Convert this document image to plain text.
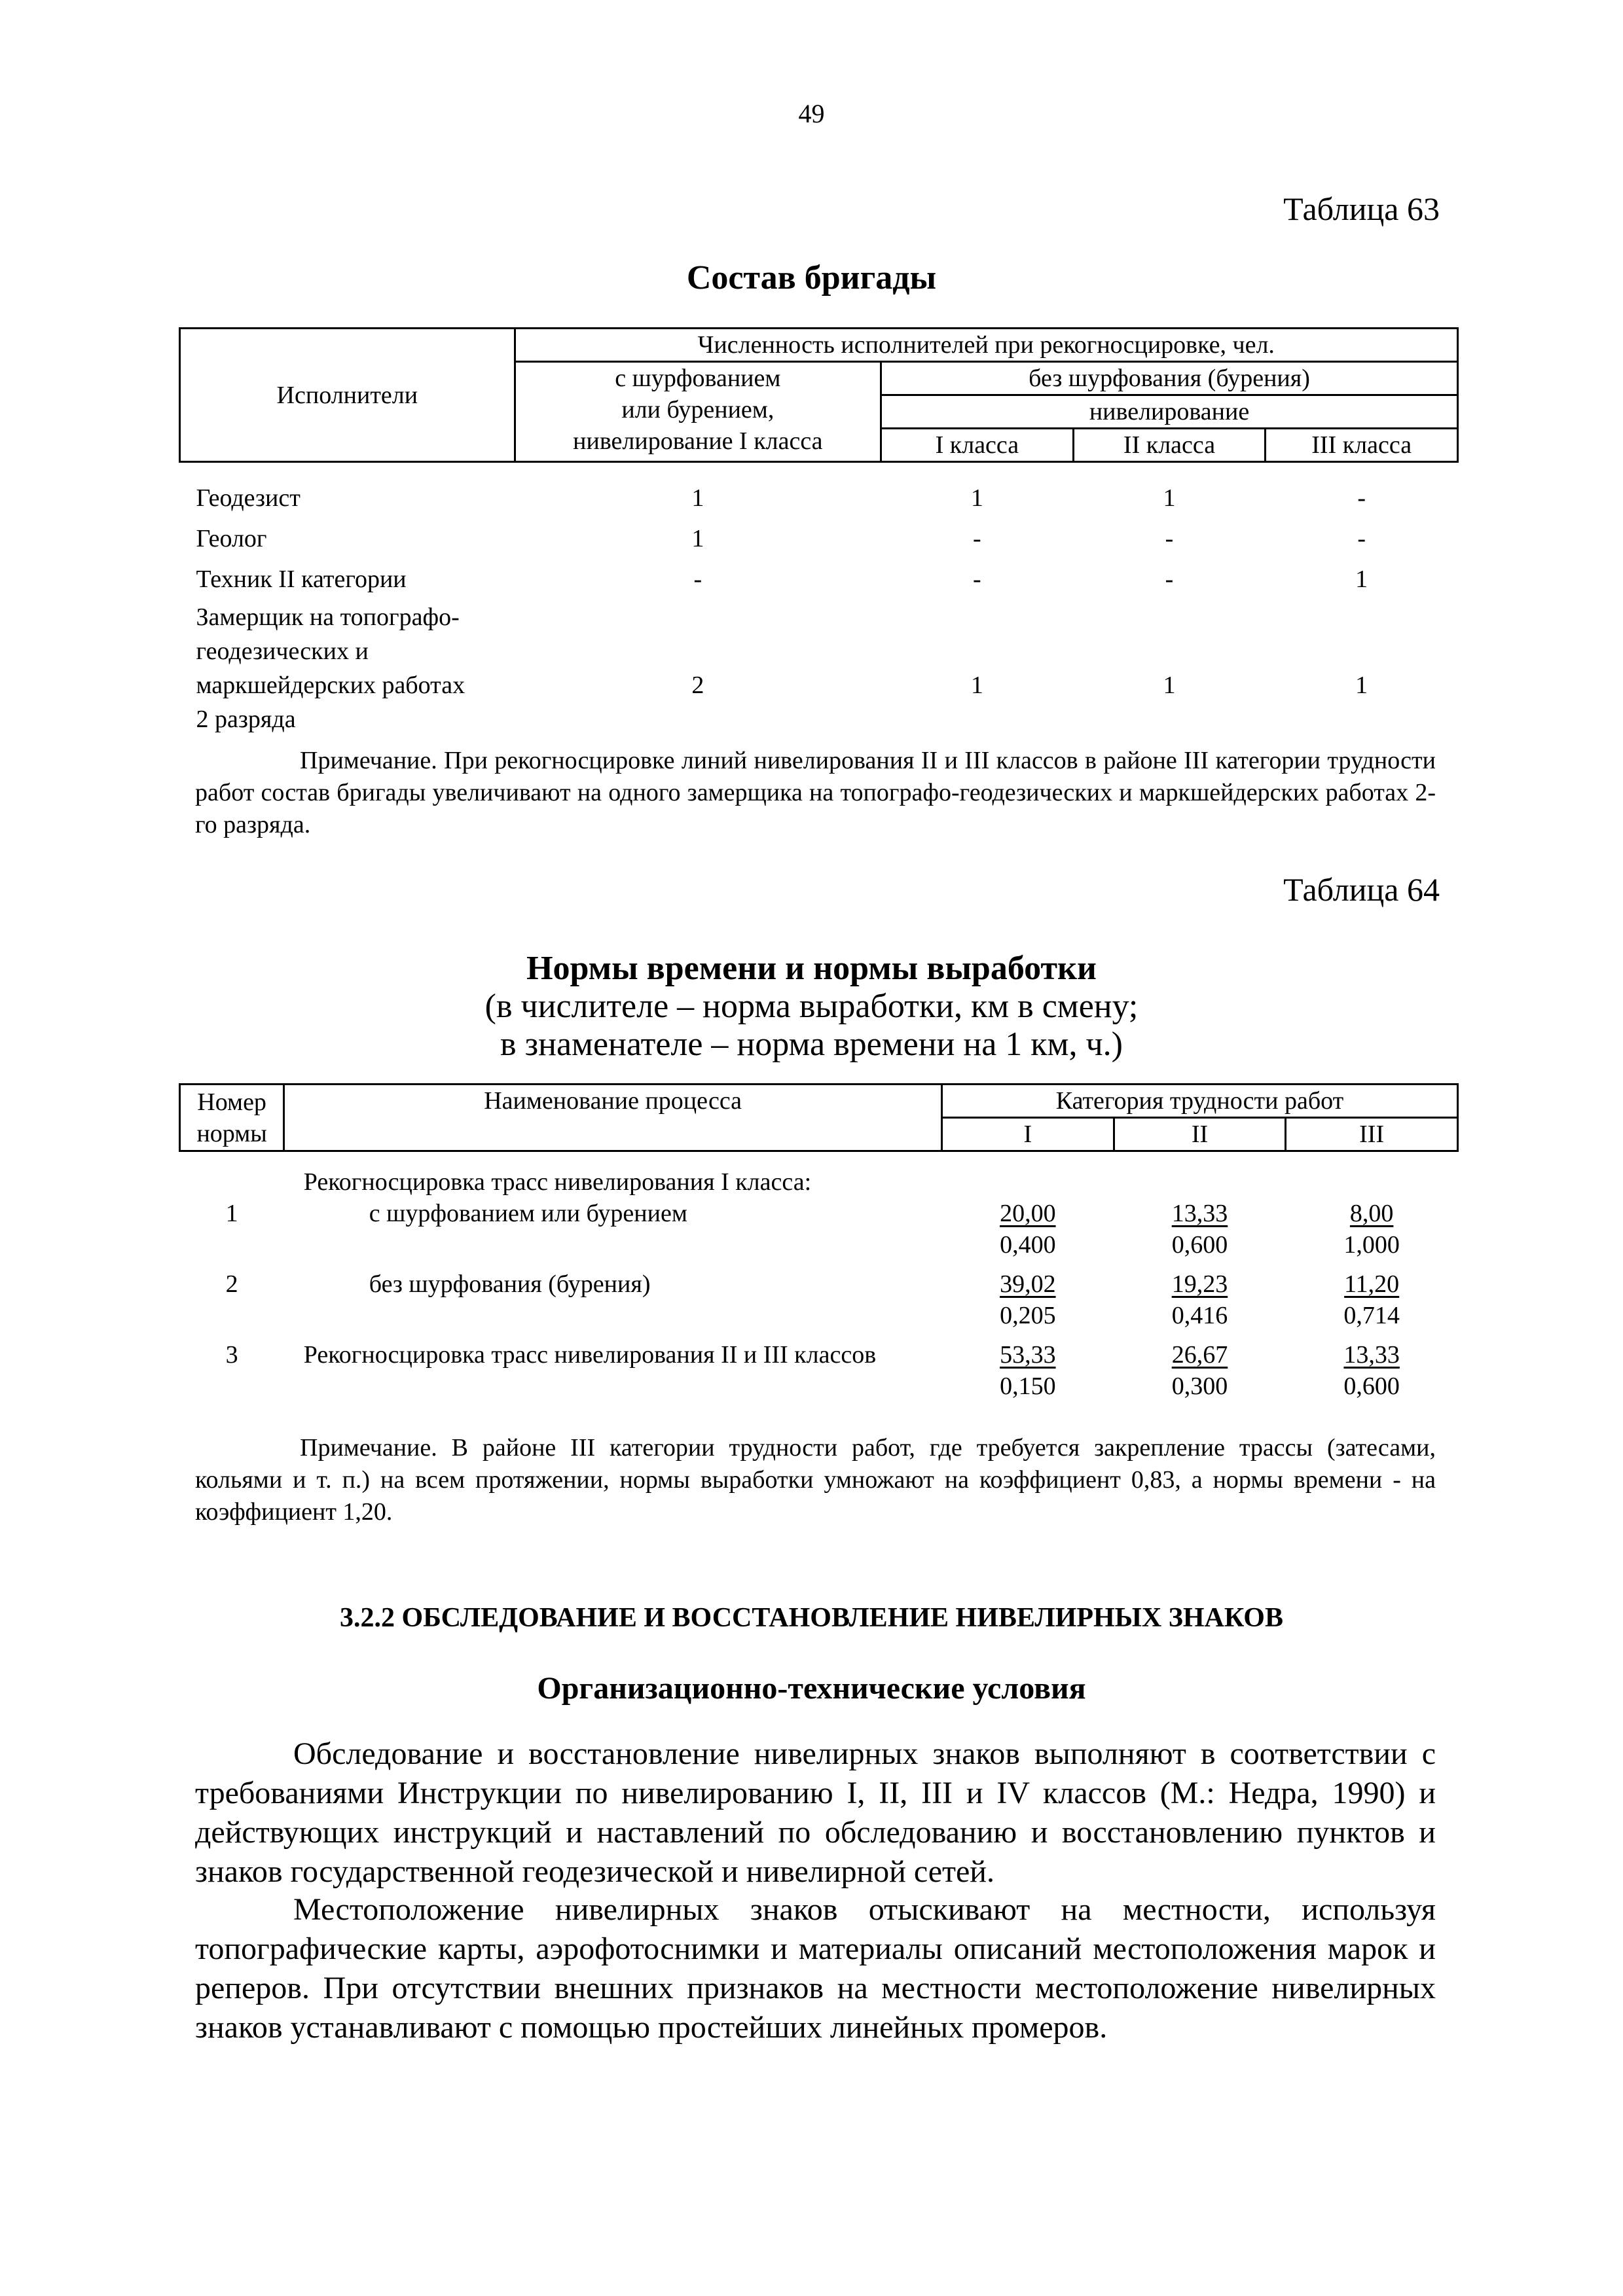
49
Таблица 63
Состав бригады
Исполнители	Численность исполнителей при рекогносцировке, чел.			

	с шурфованием
или бурением,
нивелирование I класса	без шурфования (бурения)		
		нивелирование		
		I класса	II класса	III класса
Геодезист	1	1	1	-
Геолог	1	-	-	-
Техник II категории	-	-	-	1

Замерщик на топографо-
геодезических и
маркшейдерских работах
2 разряда	2	1	1	1
Примечание. При рекогносцировке линий нивелирования II и III классов в районе III категории трудности работ состав бригады увеличивают на одного замерщика на топографо-геодезических и маркшейдерских работах 2-го разряда.
Таблица 64
Нормы времени и нормы выработки
(в числителе – норма выработки, км в смену;
в знаменателе – норма времени на 1 км, ч.)
Номер
нормы	Наименование процесса	Категория трудности работ		
		I	II	III
	Рекогносцировка трасс нивелирования I класса:			
1	с шурфованием или бурением	$\frac{20,00}{0,400}$	$\frac{13,33}{0,600}$	$\frac{8,00}{1,000}$

2	без шурфования (бурения)	$\frac{39,02}{0,205}$	$\frac{19,23}{0,416}$	$\frac{11,20}{0,714}$

3	Рекогносцировка трасс нивелирования II и III классов	$\frac{53,33}{0,150}$	$\frac{26,67}{0,300}$	$\frac{13,33}{0,600}$
Примечание. В районе III категории трудности работ, где требуется закрепление трассы (затесами, кольями и т. п.) на всем протяжении, нормы выработки умножают на коэффициент 0,83, а нормы времени - на коэффициент 1,20.
3.2.2 ОБСЛЕДОВАНИЕ И ВОССТАНОВЛЕНИЕ НИВЕЛИРНЫХ ЗНАКОВ
Организационно-технические условия
Обследование и восстановление нивелирных знаков выполняют в соответствии с требованиями Инструкции по нивелированию I, II, III и IV классов (М.: Недра, 1990) и действующих инструкций и наставлений по обследованию и восстановлению пунктов и знаков государственной геодезической и нивелирной сетей.
Местоположение нивелирных знаков отыскивают на местности, используя топографические карты, аэрофотоснимки и материалы описаний местоположения марок и реперов. При отсутствии внешних признаков на местности местоположение нивелирных знаков устанавливают с помощью простейших линейных промеров.
